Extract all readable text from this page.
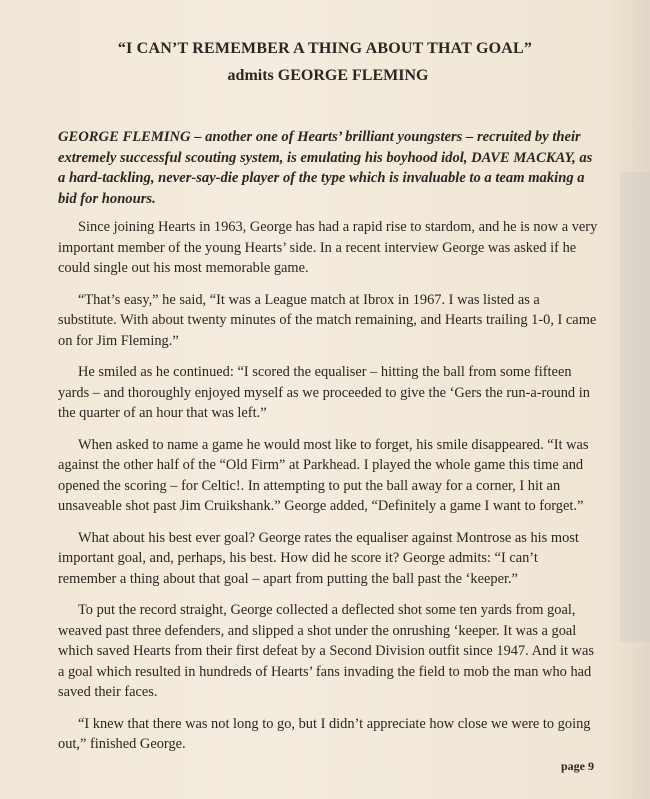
“I CAN’T REMEMBER A THING ABOUT THAT GOAL”
admits GEORGE FLEMING
GEORGE FLEMING – another one of Hearts’ brilliant youngsters – recruited by their extremely successful scouting system, is emulating his boyhood idol, DAVE MACKAY, as a hard-tackling, never-say-die player of the type which is invaluable to a team making a bid for honours.

Since joining Hearts in 1963, George has had a rapid rise to stardom, and he is now a very important member of the young Hearts’ side. In a recent interview George was asked if he could single out his most memorable game.

“That’s easy,” he said, “It was a League match at Ibrox in 1967. I was listed as a substitute. With about twenty minutes of the match remaining, and Hearts trailing 1-0, I came on for Jim Fleming.”

He smiled as he continued: “I scored the equaliser – hitting the ball from some fifteen yards – and thoroughly enjoyed myself as we proceeded to give the ‘Gers the run-a-round in the quarter of an hour that was left.”

When asked to name a game he would most like to forget, his smile disappeared. “It was against the other half of the “Old Firm” at Parkhead. I played the whole game this time and opened the scoring – for Celtic!. In attempting to put the ball away for a corner, I hit an unsaveable shot past Jim Cruikshank.” George added, “Definitely a game I want to forget.”

What about his best ever goal? George rates the equaliser against Montrose as his most important goal, and, perhaps, his best. How did he score it? George admits: “I can’t remember a thing about that goal – apart from putting the ball past the ‘keeper.”

To put the record straight, George collected a deflected shot some ten yards from goal, weaved past three defenders, and slipped a shot under the onrushing ‘keeper. It was a goal which saved Hearts from their first defeat by a Second Division outfit since 1947. And it was a goal which resulted in hundreds of Hearts’ fans invading the field to mob the man who had saved their faces.

“I knew that there was not long to go, but I didn’t appreciate how close we were to going out,” finished George.

page 9
